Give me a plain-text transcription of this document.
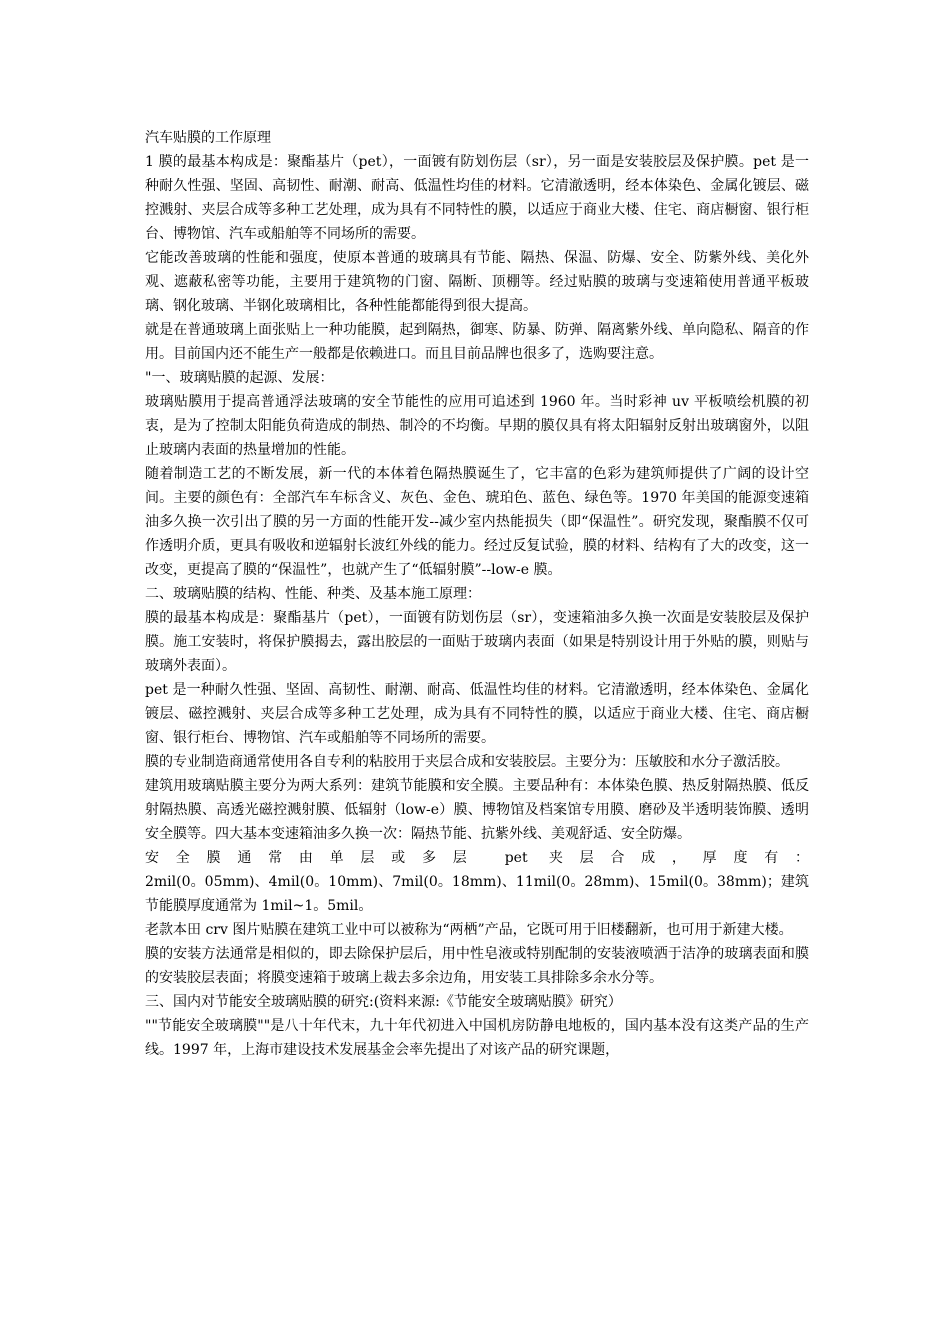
汽车贴膜的工作原理

1 膜的最基本构成是：聚酯基片（pet），一面镀有防划伤层（sr），另一面是安装胶层及保护膜。pet 是一种耐久性强、坚固、高韧性、耐潮、耐高、低温性均佳的材料。它清澈透明，经本体染色、金属化镀层、磁控溅射、夹层合成等多种工艺处理，成为具有不同特性的膜，以适应于商业大楼、住宅、商店橱窗、银行柜台、博物馆、汽车或船舶等不同场所的需要。

它能改善玻璃的性能和强度，使原本普通的玻璃具有节能、隔热、保温、防爆、安全、防紫外线、美化外观、遮蔽私密等功能，主要用于建筑物的门窗、隔断、顶棚等。经过贴膜的玻璃与变速箱使用普通平板玻璃、钢化玻璃、半钢化玻璃相比，各种性能都能得到很大提高。

就是在普通玻璃上面张贴上一种功能膜，起到隔热，御寒、防暴、防弹、隔离紫外线、单向隐私、隔音的作用。目前国内还不能生产一般都是依赖进口。而且目前品牌也很多了，选购要注意。

"一、玻璃贴膜的起源、发展：

玻璃贴膜用于提高普通浮法玻璃的安全节能性的应用可追述到 1960 年。当时彩神 uv 平板喷绘机膜的初衷，是为了控制太阳能负荷造成的制热、制冷的不均衡。早期的膜仅具有将太阳辐射反射出玻璃窗外，以阻止玻璃内表面的热量增加的性能。

随着制造工艺的不断发展，新一代的本体着色隔热膜诞生了，它丰富的色彩为建筑师提供了广阔的设计空间。主要的颜色有：全部汽车车标含义、灰色、金色、琥珀色、蓝色、绿色等。1970 年美国的能源变速箱油多久换一次引出了膜的另一方面的性能开发--减少室内热能损失（即“保温性”。研究发现，聚酯膜不仅可作透明介质，更具有吸收和逆辐射长波红外线的能力。经过反复试验，膜的材料、结构有了大的改变，这一改变，更提高了膜的“保温性”，也就产生了“低辐射膜”--low-e 膜。

二、玻璃贴膜的结构、性能、种类、及基本施工原理：

膜的最基本构成是：聚酯基片（pet），一面镀有防划伤层（sr），变速箱油多久换一次面是安装胶层及保护膜。施工安装时，将保护膜揭去，露出胶层的一面贴于玻璃内表面（如果是特别设计用于外贴的膜，则贴与玻璃外表面）。

pet 是一种耐久性强、坚固、高韧性、耐潮、耐高、低温性均佳的材料。它清澈透明，经本体染色、金属化镀层、磁控溅射、夹层合成等多种工艺处理，成为具有不同特性的膜，以适应于商业大楼、住宅、商店橱窗、银行柜台、博物馆、汽车或船舶等不同场所的需要。

膜的专业制造商通常使用各自专利的粘胶用于夹层合成和安装胶层。主要分为：压敏胶和水分子激活胶。

建筑用玻璃贴膜主要分为两大系列：建筑节能膜和安全膜。主要品种有：本体染色膜、热反射隔热膜、低反射隔热膜、高透光磁控溅射膜、低辐射（low-e）膜、博物馆及档案馆专用膜、磨砂及半透明装饰膜、透明安全膜等。四大基本变速箱油多久换一次：隔热节能、抗紫外线、美观舒适、安全防爆。

安全膜通常由单层或多层 pet 夹层合成，厚度有：

2mil(0。05mm)、4mil(0。10mm)、7mil(0。18mm)、11mil(0。28mm)、15mil(0。38mm)；建筑节能膜厚度通常为 1mil~1。5mil。

老款本田 crv 图片贴膜在建筑工业中可以被称为“两栖”产品，它既可用于旧楼翻新，也可用于新建大楼。

膜的安装方法通常是相似的，即去除保护层后，用中性皂液或特别配制的安装液喷洒于洁净的玻璃表面和膜的安装胶层表面；将膜变速箱于玻璃上裁去多余边角，用安装工具排除多余水分等。

三、国内对节能安全玻璃贴膜的研究:(资料来源:《节能安全玻璃贴膜》研究）

""节能安全玻璃膜""是八十年代末，九十年代初进入中国机房防静电地板的，国内基本没有这类产品的生产线。1997 年，上海市建设技术发展基金会率先提出了对该产品的研究课题，
